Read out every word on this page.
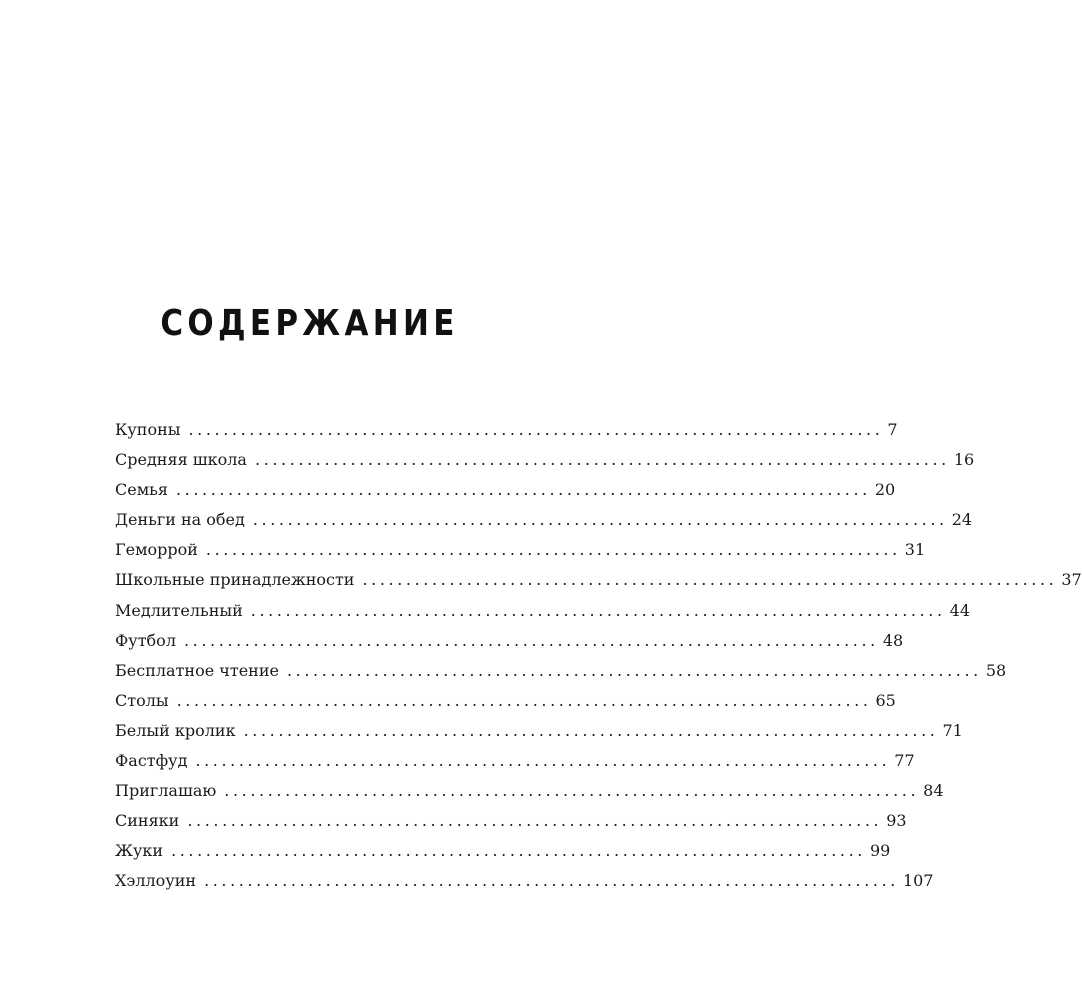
СОДЕРЖАНИЕ
Купоны ................................................................................ 7
Средняя школа ................................................................................ 16
Семья ................................................................................ 20
Деньги на обед ................................................................................ 24
Геморрой ................................................................................ 31
Школьные принадлежности ................................................................................ 37
Медлительный ................................................................................ 44
Футбол ................................................................................ 48
Бесплатное чтение ................................................................................ 58
Столы ................................................................................ 65
Белый кролик ................................................................................ 71
Фастфуд ................................................................................ 77
Приглашаю ................................................................................ 84
Синяки ................................................................................ 93
Жуки ................................................................................ 99
Хэллоуин ................................................................................ 107
